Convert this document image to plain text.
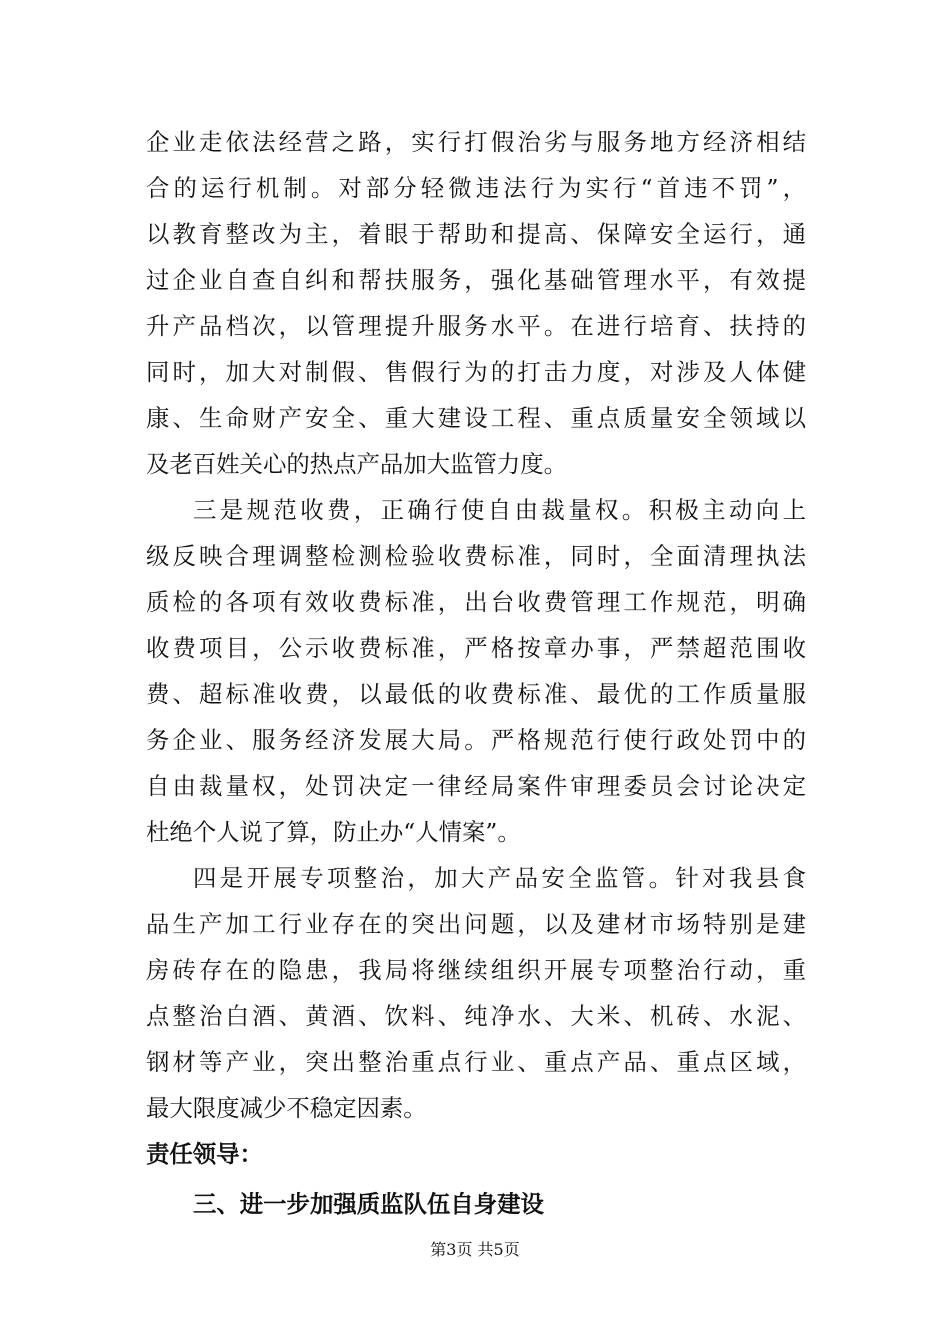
企业走依法经营之路，实行打假治劣与服务地方经济相结
合的运行机制。对部分轻微违法行为实行“首违不罚”，
以教育整改为主，着眼于帮助和提高、保障安全运行，通
过企业自查自纠和帮扶服务，强化基础管理水平，有效提
升产品档次，以管理提升服务水平。在进行培育、扶持的
同时，加大对制假、售假行为的打击力度，对涉及人体健
康、生命财产安全、重大建设工程、重点质量安全领域以
及老百姓关心的热点产品加大监管力度。
三是规范收费，正确行使自由裁量权。积极主动向上
级反映合理调整检测检验收费标准，同时，全面清理执法
质检的各项有效收费标准，出台收费管理工作规范，明确
收费项目，公示收费标准，严格按章办事，严禁超范围收
费、超标准收费，以最低的收费标准、最优的工作质量服
务企业、服务经济发展大局。严格规范行使行政处罚中的
自由裁量权，处罚决定一律经局案件审理委员会讨论决定
杜绝个人说了算，防止办“人情案”。
四是开展专项整治，加大产品安全监管。针对我县食
品生产加工行业存在的突出问题，以及建材市场特别是建
房砖存在的隐患，我局将继续组织开展专项整治行动，重
点整治白酒、黄酒、饮料、纯净水、大米、机砖、水泥、
钢材等产业，突出整治重点行业、重点产品、重点区域，
最大限度减少不稳定因素。
责任领导：
三、进一步加强质监队伍自身建设
第3页 共5页
